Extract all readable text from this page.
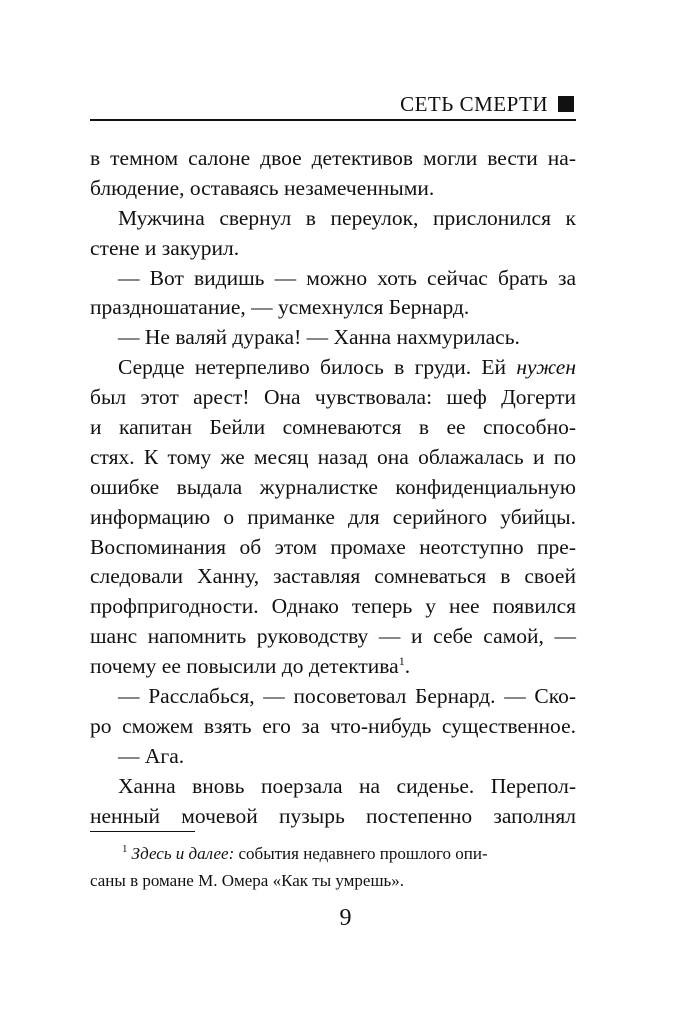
СЕТЬ СМЕРТИ
в темном салоне двое детективов могли вести на-
блюдение, оставаясь незамеченными.
Мужчина свернул в переулок, прислонился к
стене и закурил.
— Вот видишь — можно хоть сейчас брать за
праздношатание, — усмехнулся Бернард.
— Не валяй дурака! — Ханна нахмурилась.
Сердце нетерпеливо билось в груди. Ей нужен
был этот арест! Она чувствовала: шеф Догерти
и капитан Бейли сомневаются в ее способно-
стях. К тому же месяц назад она облажалась и по
ошибке выдала журналистке конфиденциальную
информацию о приманке для серийного убийцы.
Воспоминания об этом промахе неотступно пре-
следовали Ханну, заставляя сомневаться в своей
профпригодности. Однако теперь у нее появился
шанс напомнить руководству — и себе самой, —
почему ее повысили до детектива$^1$.
— Расслабься, — посоветовал Бернард. — Ско-
ро сможем взять его за что-нибудь существенное.
— Ага.
Ханна вновь поерзала на сиденье. Перепол-
ненный мочевой пузырь постепенно заполнял
$^1$ Здесь и далее: события недавнего прошлого опи-
саны в романе М. Омера «Как ты умрешь».
9
